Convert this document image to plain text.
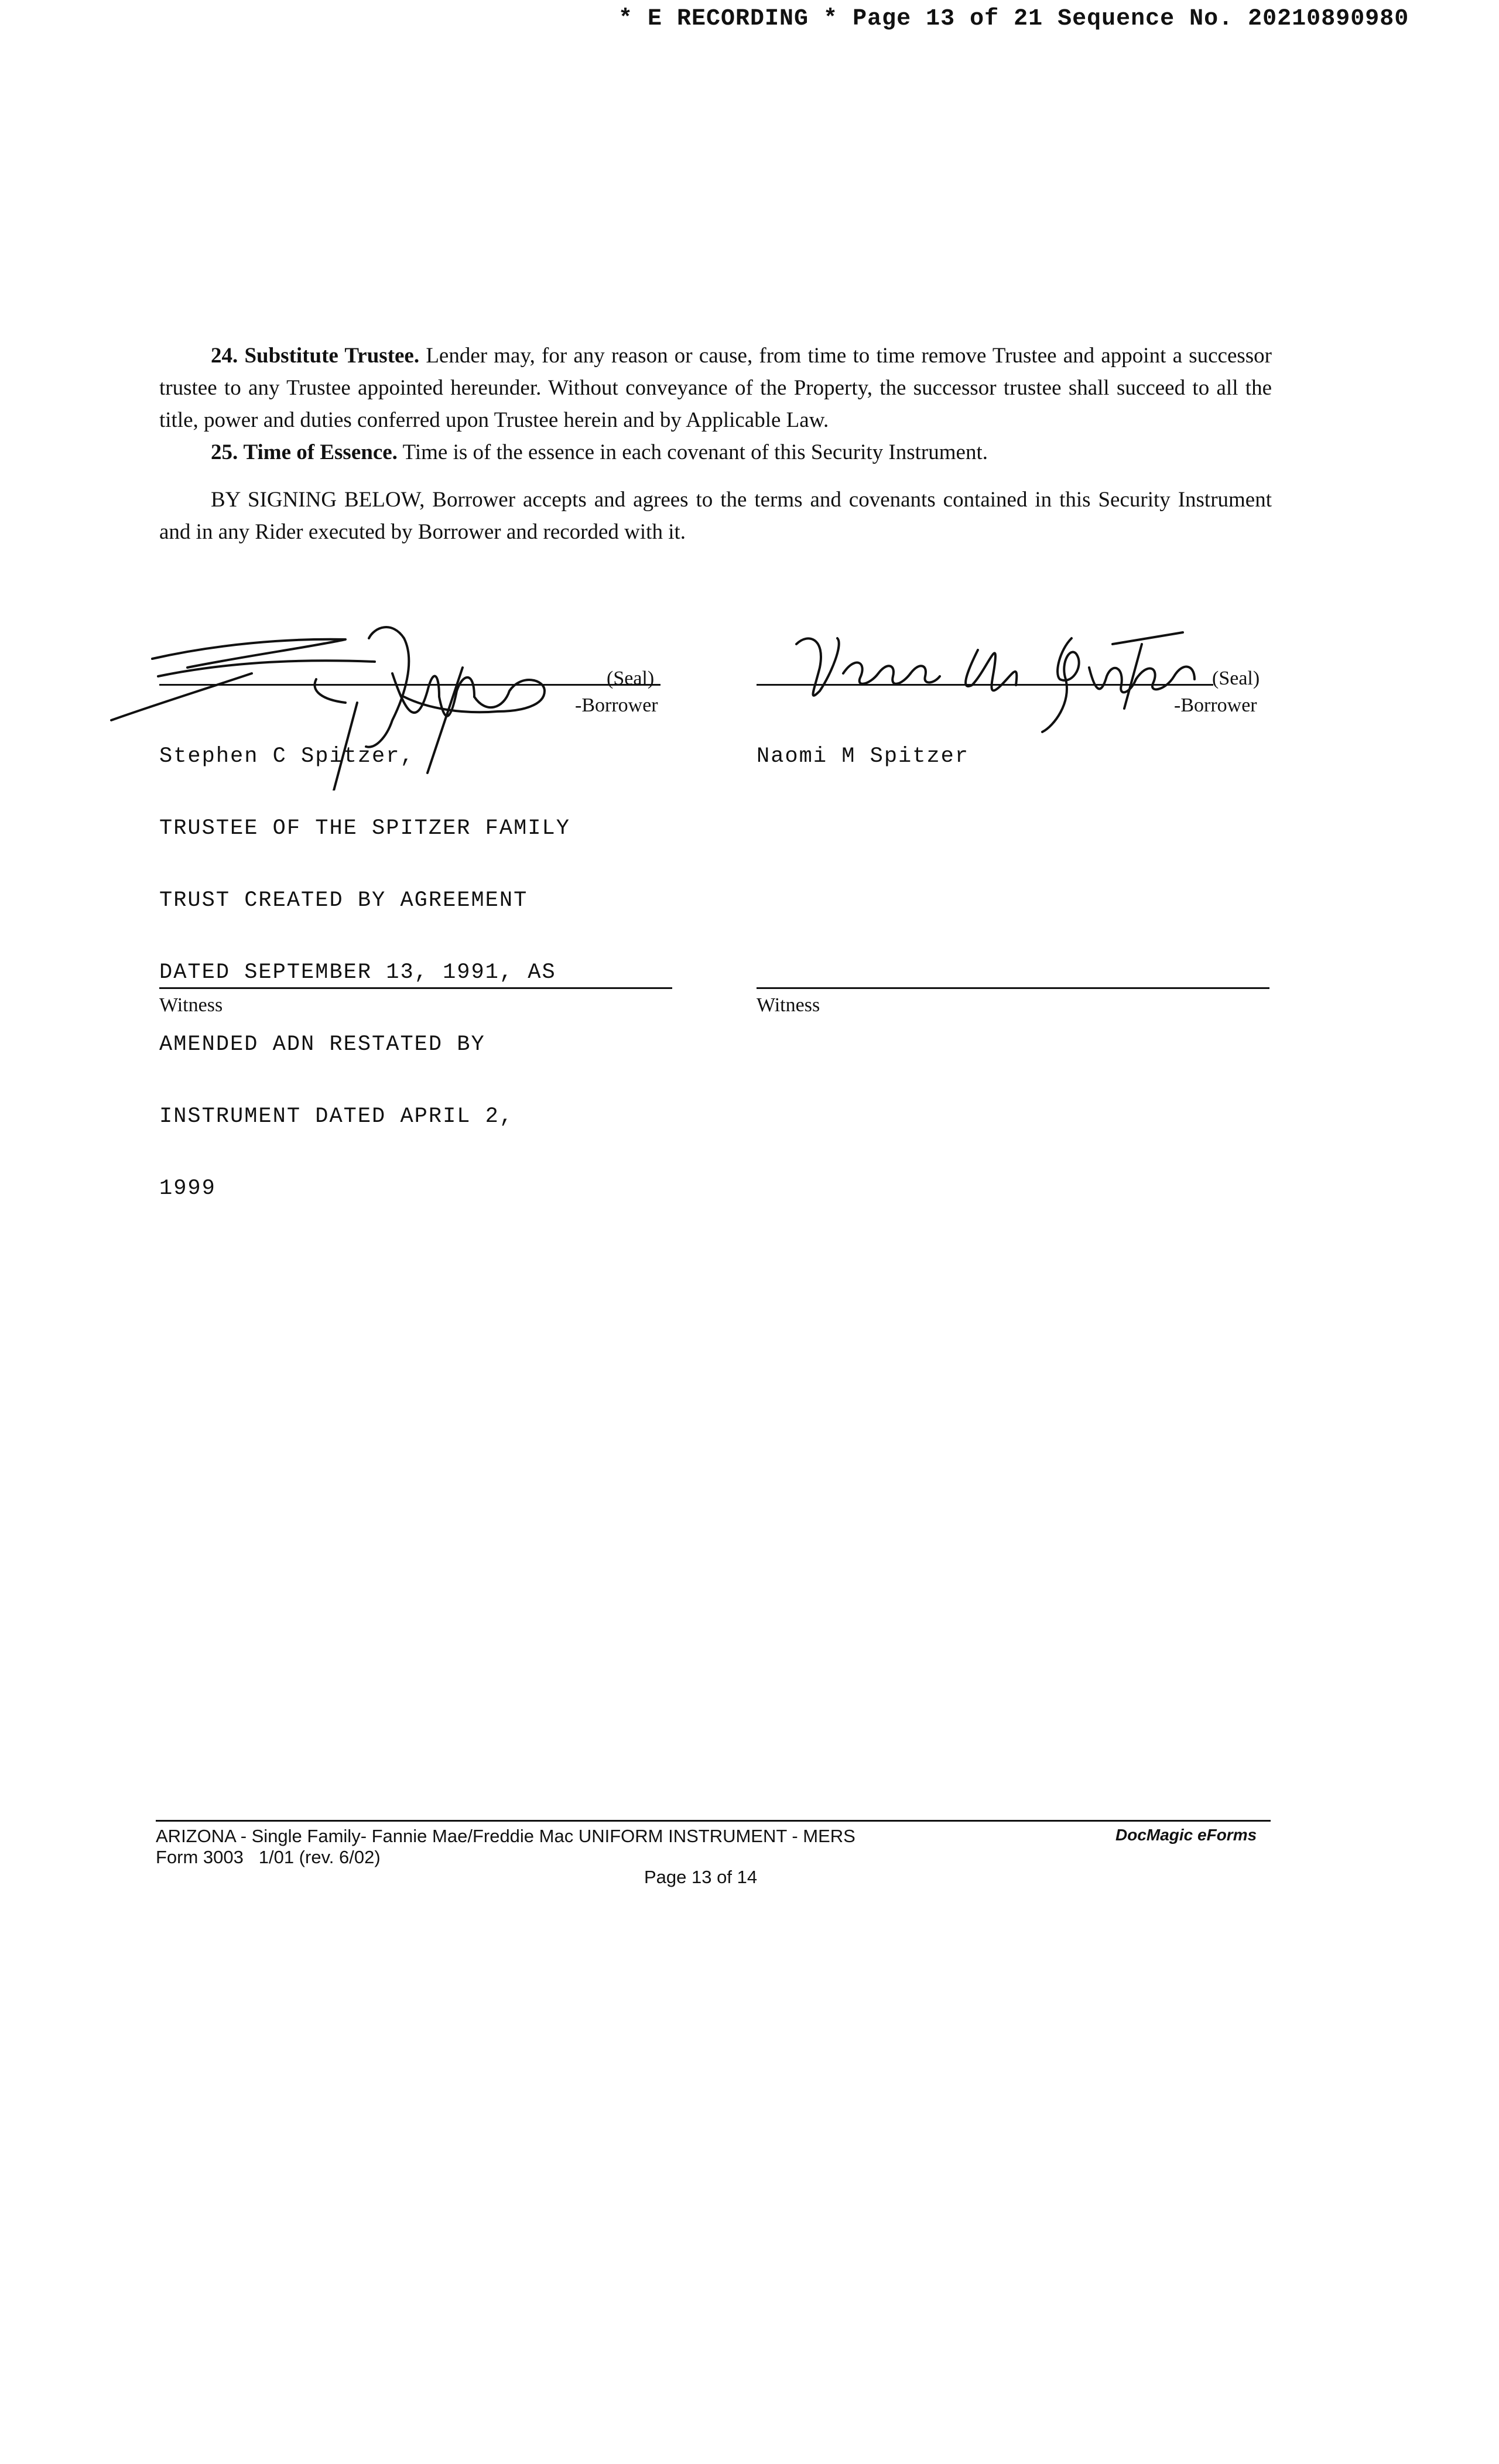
* E RECORDING * Page 13 of 21 Sequence No. 20210890980

24. Substitute Trustee. Lender may, for any reason or cause, from time to time remove Trustee and appoint a successor trustee to any Trustee appointed hereunder. Without conveyance of the Property, the successor trustee shall succeed to all the title, power and duties conferred upon Trustee herein and by Applicable Law.

25. Time of Essence. Time is of the essence in each covenant of this Security Instrument.

BY SIGNING BELOW, Borrower accepts and agrees to the terms and covenants contained in this Security Instrument and in any Rider executed by Borrower and recorded with it.

(Seal)
-Borrower

Stephen C Spitzer,

TRUSTEE OF THE SPITZER FAMILY

TRUST CREATED BY AGREEMENT

DATED SEPTEMBER 13, 1991, AS

AMENDED ADN RESTATED BY

INSTRUMENT DATED APRIL 2,

1999

(Seal)
-Borrower

Naomi M Spitzer

Witness	Witness
ARIZONA - Single Family- Fannie Mae/Freddie Mac UNIFORM INSTRUMENT - MERS
Form 3003   1/01 (rev. 6/02)
DocMagic eForms
Page 13 of 14
